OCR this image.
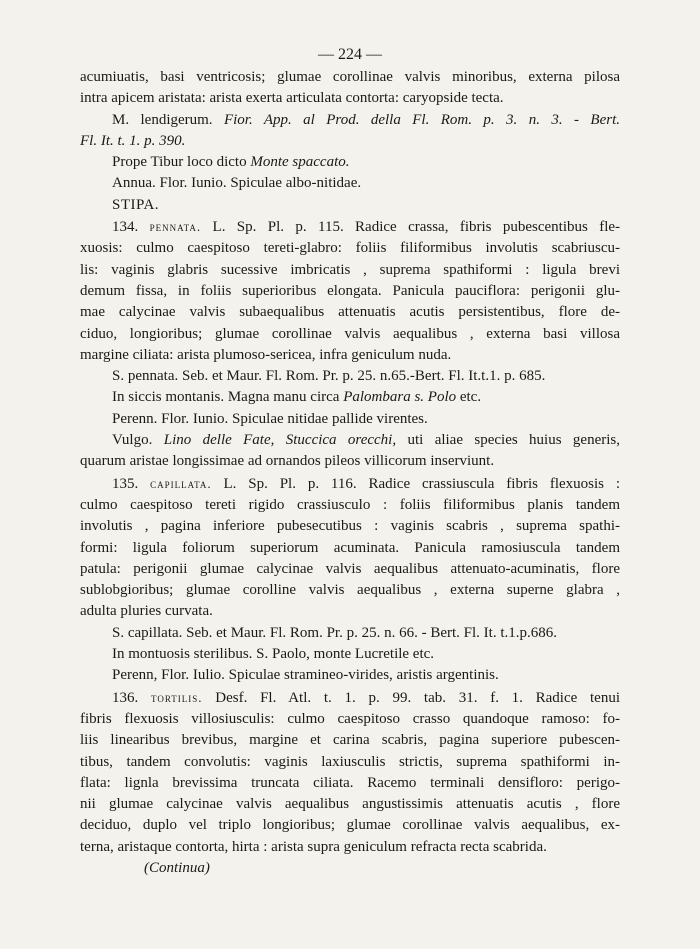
— 224 —
acumiuatis, basi ventricosis; glumae corollinae valvis minoribus, externa pilosa
intra apicem aristata: arista exerta articulata contorta: caryopside tecta.
M. lendigerum. Fior. App. al Prod. della Fl. Rom. p. 3. n. 3. - Bert.
Fl. It. t. 1. p. 390.
Prope Tibur loco dicto Monte spaccato.
Annua. Flor. Iunio. Spiculae albo-nitidae.
STIPA.
134. pennata. L. Sp. Pl. p. 115. Radice crassa, fibris pubescentibus fle-
xuosis: culmo caespitoso tereti-glabro: foliis filiformibus involutis scabriuscu-
lis: vaginis glabris sucessive imbricatis , suprema spathiformi : ligula brevi
demum fissa, in foliis superioribus elongata. Panicula pauciflora: perigonii glu-
mae calycinae valvis subaequalibus attenuatis acutis persistentibus, flore de-
ciduo, longioribus; glumae corollinae valvis aequalibus , externa basi villosa
margine ciliata: arista plumoso-sericea, infra geniculum nuda.
S. pennata. Seb. et Maur. Fl. Rom. Pr. p. 25. n.65.-Bert. Fl. It.t.1. p. 685.
In siccis montanis. Magna manu circa Palombara s. Polo etc.
Perenn. Flor. Iunio. Spiculae nitidae pallide virentes.
Vulgo. Lino delle Fate, Stuccica orecchi, uti aliae species huius generis,
quarum aristae longissimae ad ornandos pileos villicorum inserviunt.
135. capillata. L. Sp. Pl. p. 116. Radice crassiuscula fibris flexuosis :
culmo caespitoso tereti rigido crassiusculo : foliis filiformibus planis tandem
involutis , pagina inferiore pubesecutibus : vaginis scabris , suprema spathi-
formi: ligula foliorum superiorum acuminata. Panicula ramosiuscula tandem
patula: perigonii glumae calycinae valvis aequalibus attenuato-acuminatis, flore
sublobgioribus; glumae corolline valvis aequalibus , externa superne glabra ,
adulta pluries curvata.
S. capillata. Seb. et Maur. Fl. Rom. Pr. p. 25. n. 66. - Bert. Fl. It. t.1.p.686.
In montuosis sterilibus. S. Paolo, monte Lucretile etc.
Perenn, Flor. Iulio. Spiculae stramineo-virides, aristis argentinis.
136. tortilis. Desf. Fl. Atl. t. 1. p. 99. tab. 31. f. 1. Radice tenui
fibris flexuosis villosiusculis: culmo caespitoso crasso quandoque ramoso: fo-
liis linearibus brevibus, margine et carina scabris, pagina superiore pubescen-
tibus, tandem convolutis: vaginis laxiusculis strictis, suprema spathiformi in-
flata: lignla brevissima truncata ciliata. Racemo terminali densifloro: perigo-
nii glumae calycinae valvis aequalibus angustissimis attenuatis acutis , flore
deciduo, duplo vel triplo longioribus; glumae corollinae valvis aequalibus, ex-
terna, aristaque contorta, hirta : arista supra geniculum refracta recta scabrida.
(Continua)
